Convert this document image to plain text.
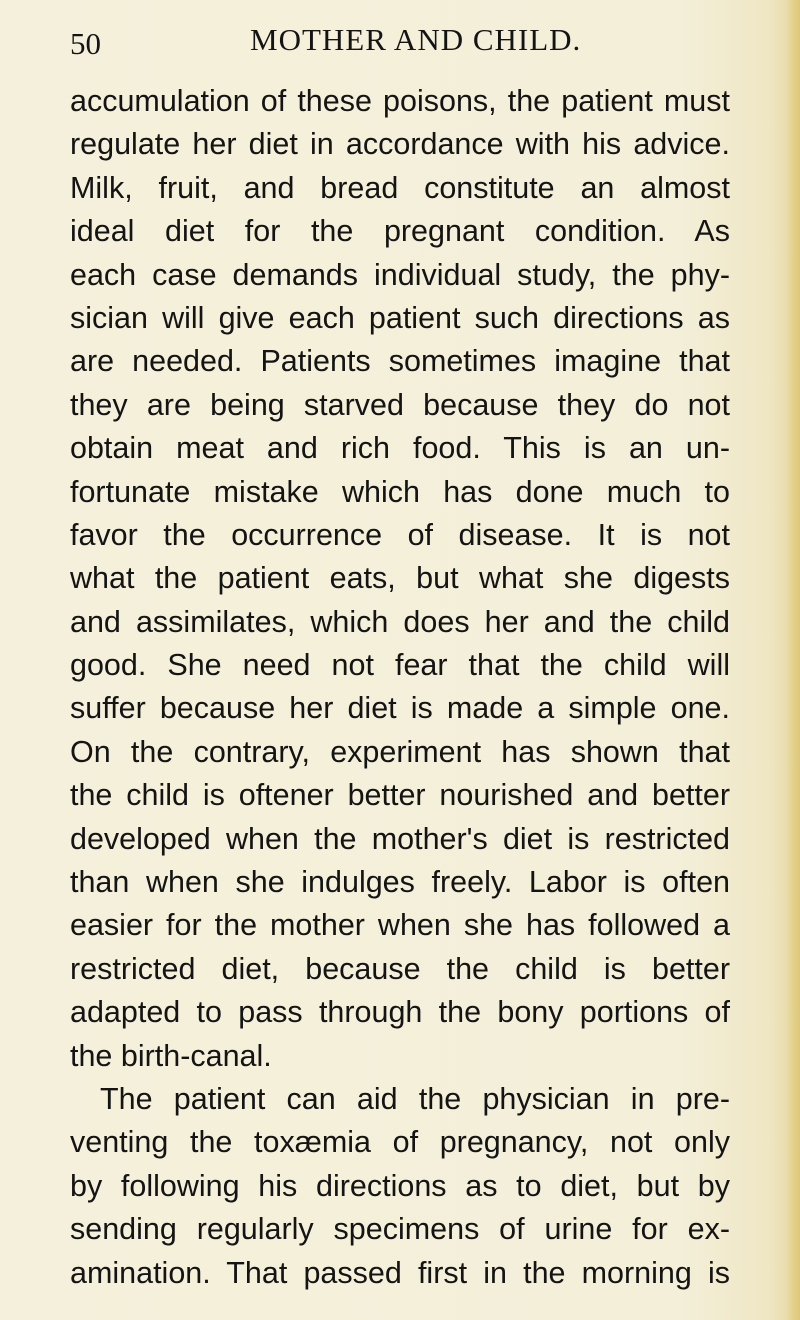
50	MOTHER AND CHILD.
accumulation of these poisons, the patient must
regulate her diet in accordance with his advice.
Milk, fruit, and bread constitute an almost
ideal diet for the pregnant condition. As
each case demands individual study, the phy-
sician will give each patient such directions as
are needed. Patients sometimes imagine that
they are being starved because they do not
obtain meat and rich food. This is an un-
fortunate mistake which has done much to
favor the occurrence of disease. It is not
what the patient eats, but what she digests
and assimilates, which does her and the child
good. She need not fear that the child will
suffer because her diet is made a simple one.
On the contrary, experiment has shown that
the child is oftener better nourished and better
developed when the mother's diet is restricted
than when she indulges freely. Labor is often
easier for the mother when she has followed a
restricted diet, because the child is better
adapted to pass through the bony portions of
the birth-canal.
The patient can aid the physician in pre-
venting the toxæmia of pregnancy, not only
by following his directions as to diet, but by
sending regularly specimens of urine for ex-
amination. That passed first in the morning is
